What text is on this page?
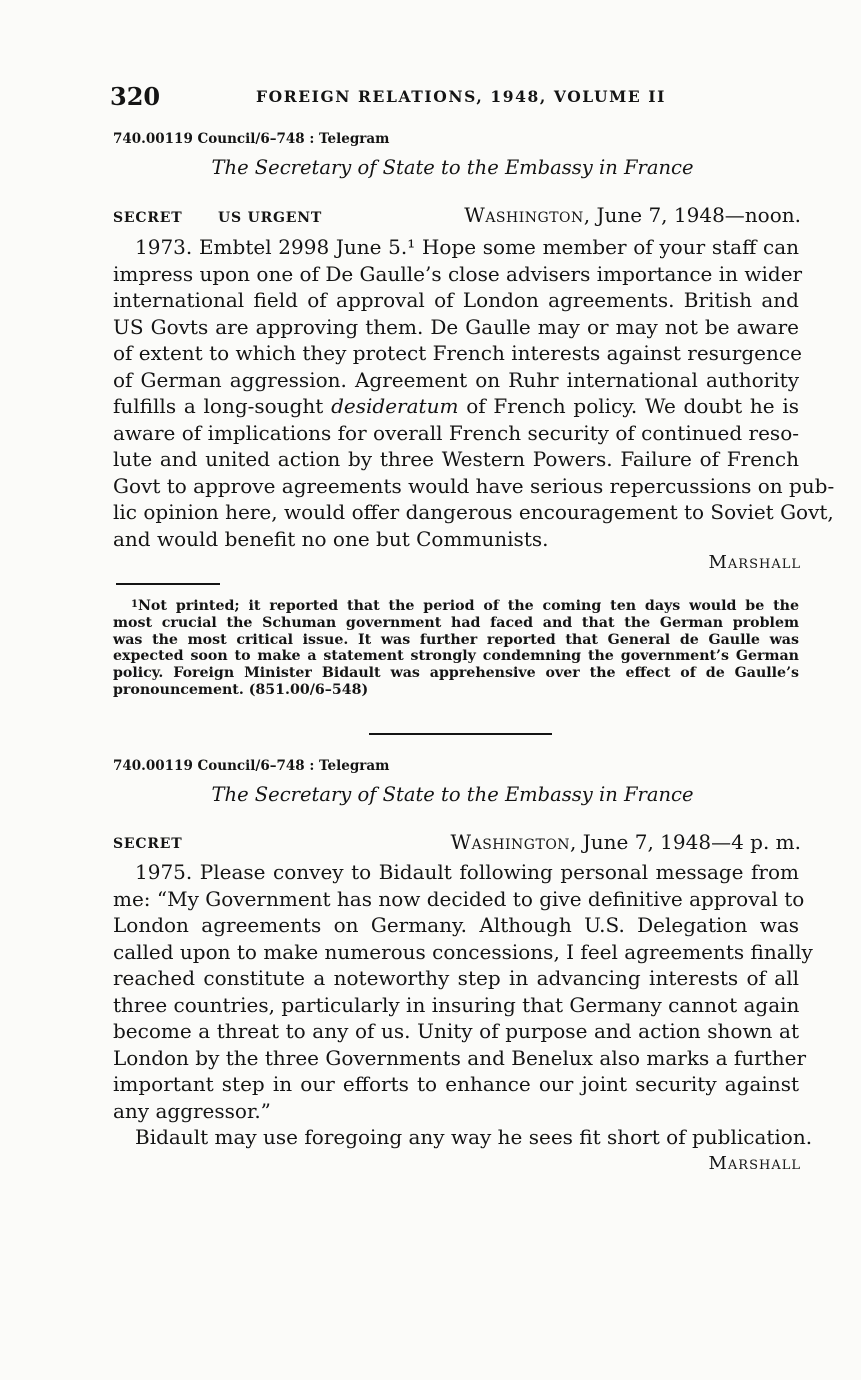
320	FOREIGN RELATIONS, 1948, VOLUME II
740.00119 Council/6–748 : Telegram
The Secretary of State to the Embassy in France
SECRET	US URGENT	Washington, June 7, 1948—noon.
1973. Embtel 2998 June 5.¹ Hope some member of your staff can
impress upon one of De Gaulle’s close advisers importance in wider
international field of approval of London agreements. British and
US Govts are approving them. De Gaulle may or may not be aware
of extent to which they protect French interests against resurgence
of German aggression. Agreement on Ruhr international authority
fulfills a long-sought desideratum of French policy. We doubt he is
aware of implications for overall French security of continued reso-
lute and united action by three Western Powers. Failure of French
Govt to approve agreements would have serious repercussions on pub-
lic opinion here, would offer dangerous encouragement to Soviet Govt,
and would benefit no one but Communists.
Marshall
$^1$Not printed; it reported that the period of the coming ten days would be the
most crucial the Schuman government had faced and that the German problem
was the most critical issue. It was further reported that General de Gaulle was
expected soon to make a statement strongly condemning the government’s German
policy. Foreign Minister Bidault was apprehensive over the effect of de Gaulle’s
pronouncement. (851.00/6–548)
740.00119 Council/6–748 : Telegram
The Secretary of State to the Embassy in France
SECRET	Washington, June 7, 1948—4 p. m.
1975. Please convey to Bidault following personal message from
me: “My Government has now decided to give definitive approval to
London agreements on Germany. Although U.S. Delegation was
called upon to make numerous concessions, I feel agreements finally
reached constitute a noteworthy step in advancing interests of all
three countries, particularly in insuring that Germany cannot again
become a threat to any of us. Unity of purpose and action shown at
London by the three Governments and Benelux also marks a further
important step in our efforts to enhance our joint security against
any aggressor.”
Bidault may use foregoing any way he sees fit short of publication.
Marshall
